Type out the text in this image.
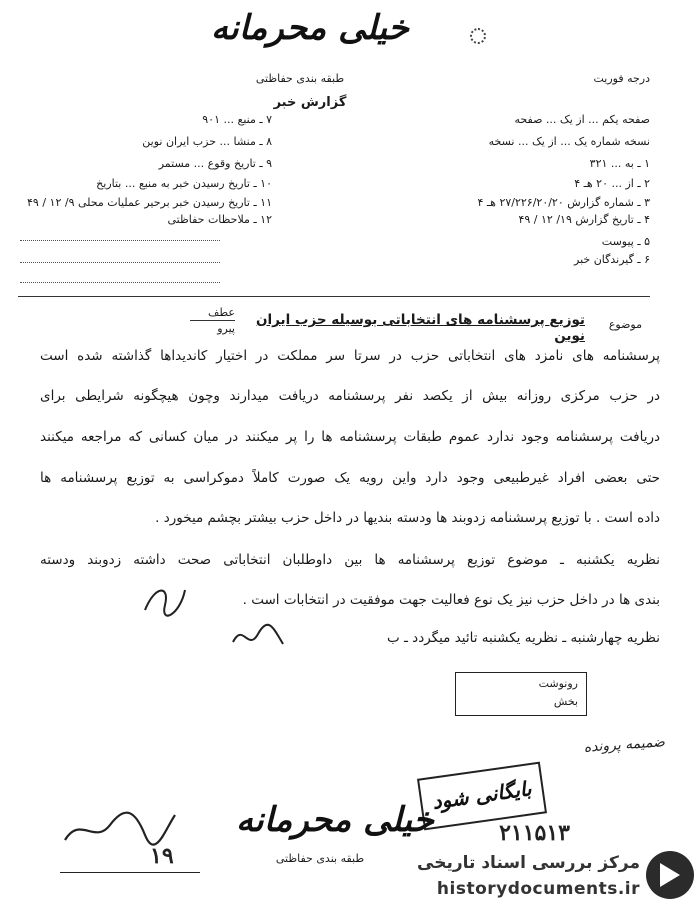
خیلی محرمانه
طبقه بندی حفاظتی
گزارش خبر
درجه فوریت
صفحه یکم ... از یک ... صفحه
نسخه شماره یک ... از یک ... نسخه
۱ ـ به ... ۳۲۱
۲ ـ از ... ۲۰ هـ ۴
۳ ـ شماره گزارش ۲۷/۲۲۶/۲۰/۲۰ هـ ۴
۴ ـ تاریخ گزارش ۱۹/ ۱۲ / ۴۹
۵ ـ پیوست
۶ ـ گیرندگان خبر
۷ ـ منبع ... ۹۰۱
۸ ـ منشا ... حزب ایران نوین
۹ ـ تاریخ وقوع ... مستمر
۱۰ ـ تاریخ رسیدن خبر به منبع ... بتاریخ
۱۱ ـ تاریخ رسیدن خبر برحیر عملیات محلی ۹/ ۱۲ / ۴۹
۱۲ ـ ملاحظات حفاظتی
موضوع
توزیع پرسشنامه های انتخاباتی بوسیله حزب ایران نوین
عطف
پیرو
پرسشنامه های نامزد های انتخاباتی حزب در سرتا سر مملکت در اختیار کاندیداها گذاشته شده است
در حزب مرکزی روزانه بیش از یکصد نفر پرسشنامه دریافت میدارند وچون هیچگونه شرایطی برای
دریافت پرسشنامه وجود ندارد عموم طبقات پرسشنامه ها را پر میکنند در میان کسانی که مراجعه میکنند
حتی بعضی افراد غیرطبیعی وجود دارد واین رویه یک صورت کاملاً دموکراسی به توزیع پرسشنامه ها
داده است . با توزیع پرسشنامه زدوبند ها ودسته بندیها در داخل حزب بیشتر بچشم میخورد .
نظریه یکشنبه ـ موضوع توزیع پرسشنامه ها بین داوطلبان انتخاباتی صحت داشته زدوبند ودسته
بندی ها در داخل حزب نیز یک نوع فعالیت جهت موفقیت در انتخابات است .
نظریه چهارشنبه ـ نظریه یکشنبه تائید میگردد ـ ب
رونوشت
بخش
ضمیمه پرونده
بایگانی شود
۲۱۱۵۱۳
خیلی محرمانه
طبقه بندی حفاظتی
۱۹	مرکز بررسی اسناد تاریخی
historydocuments.ir
